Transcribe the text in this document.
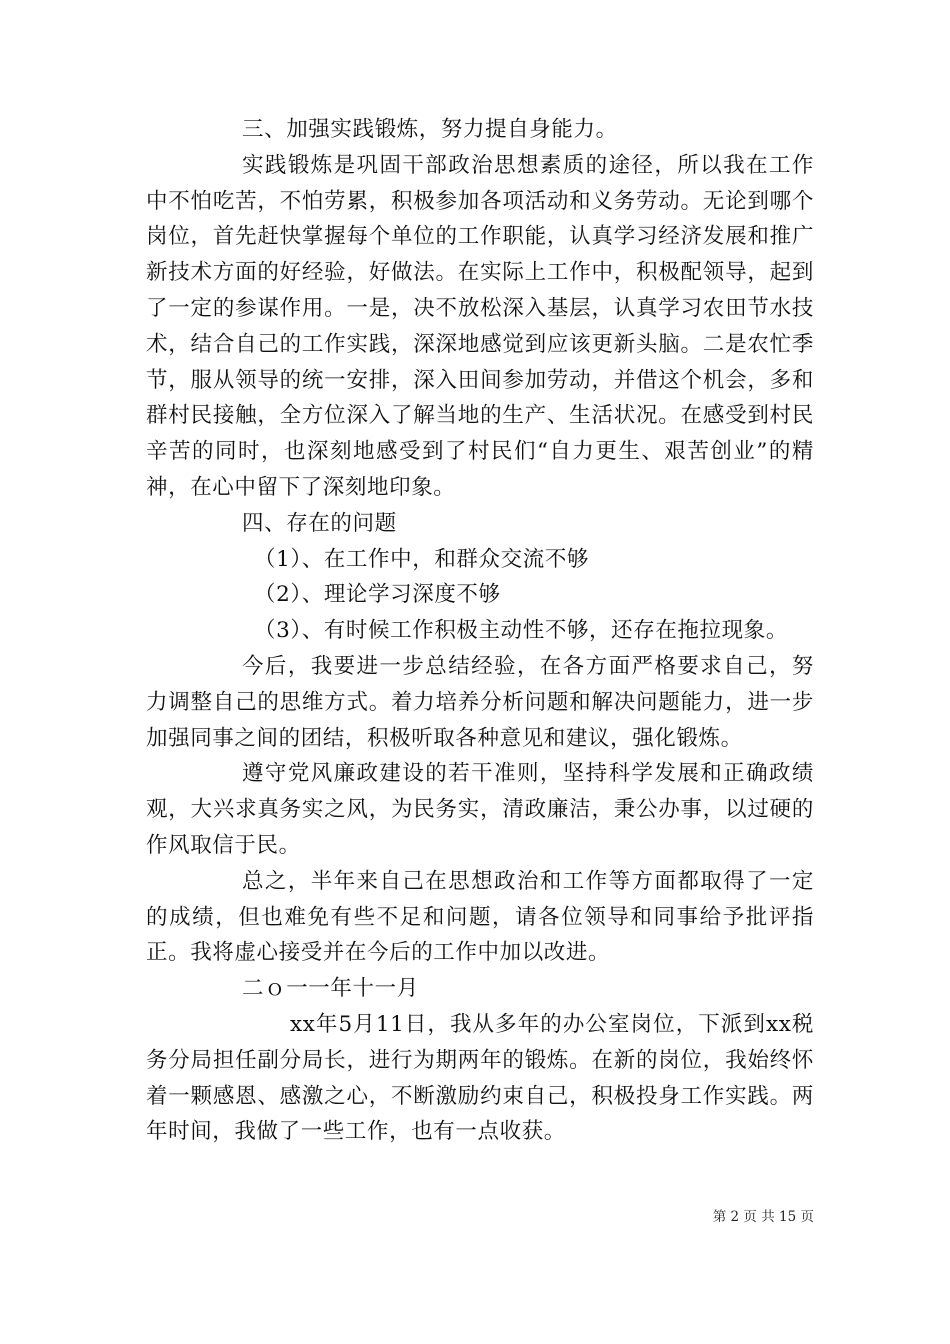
三、加强实践锻炼，努力提自身能力。

实践锻炼是巩固干部政治思想素质的途径，所以我在工作中不怕吃苦，不怕劳累，积极参加各项活动和义务劳动。无论到哪个岗位，首先赶快掌握每个单位的工作职能，认真学习经济发展和推广新技术方面的好经验，好做法。在实际上工作中，积极配领导，起到了一定的参谋作用。一是，决不放松深入基层，认真学习农田节水技术，结合自己的工作实践，深深地感觉到应该更新头脑。二是农忙季节，服从领导的统一安排，深入田间参加劳动，并借这个机会，多和群村民接触，全方位深入了解当地的生产、生活状况。在感受到村民辛苦的同时，也深刻地感受到了村民们“自力更生、艰苦创业”的精神，在心中留下了深刻地印象。

四、存在的问题

（1）、在工作中，和群众交流不够

（2）、理论学习深度不够

（3）、有时候工作积极主动性不够，还存在拖拉现象。

今后，我要进一步总结经验，在各方面严格要求自己，努力调整自己的思维方式。着力培养分析问题和解决问题能力，进一步加强同事之间的团结，积极听取各种意见和建议，强化锻炼。

遵守党风廉政建设的若干准则，坚持科学发展和正确政绩观，大兴求真务实之风，为民务实，清政廉洁，秉公办事，以过硬的作风取信于民。

总之，半年来自己在思想政治和工作等方面都取得了一定的成绩，但也难免有些不足和问题，请各位领导和同事给予批评指正。我将虚心接受并在今后的工作中加以改进。

二ｏ一一年十一月

xx年5月11日，我从多年的办公室岗位，下派到xx税务分局担任副分局长，进行为期两年的锻炼。在新的岗位，我始终怀着一颗感恩、感激之心，不断激励约束自己，积极投身工作实践。两年时间，我做了一些工作，也有一点收获。

第 2 页 共 15 页
